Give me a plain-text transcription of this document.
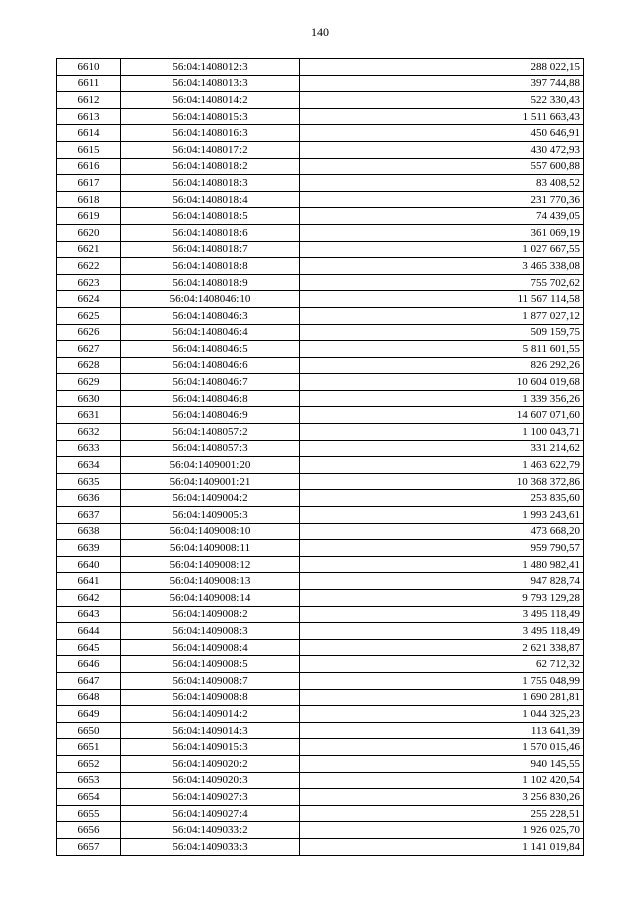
140
6610	56:04:1408012:3	288 022,15
6611	56:04:1408013:3	397 744,88
6612	56:04:1408014:2	522 330,43
6613	56:04:1408015:3	1 511 663,43
6614	56:04:1408016:3	450 646,91
6615	56:04:1408017:2	430 472,93
6616	56:04:1408018:2	557 600,88
6617	56:04:1408018:3	83 408,52
6618	56:04:1408018:4	231 770,36
6619	56:04:1408018:5	74 439,05
6620	56:04:1408018:6	361 069,19
6621	56:04:1408018:7	1 027 667,55
6622	56:04:1408018:8	3 465 338,08
6623	56:04:1408018:9	755 702,62
6624	56:04:1408046:10	11 567 114,58
6625	56:04:1408046:3	1 877 027,12
6626	56:04:1408046:4	509 159,75
6627	56:04:1408046:5	5 811 601,55
6628	56:04:1408046:6	826 292,26
6629	56:04:1408046:7	10 604 019,68
6630	56:04:1408046:8	1 339 356,26
6631	56:04:1408046:9	14 607 071,60
6632	56:04:1408057:2	1 100 043,71
6633	56:04:1408057:3	331 214,62
6634	56:04:1409001:20	1 463 622,79
6635	56:04:1409001:21	10 368 372,86
6636	56:04:1409004:2	253 835,60
6637	56:04:1409005:3	1 993 243,61
6638	56:04:1409008:10	473 668,20
6639	56:04:1409008:11	959 790,57
6640	56:04:1409008:12	1 480 982,41
6641	56:04:1409008:13	947 828,74
6642	56:04:1409008:14	9 793 129,28
6643	56:04:1409008:2	3 495 118,49
6644	56:04:1409008:3	3 495 118,49
6645	56:04:1409008:4	2 621 338,87
6646	56:04:1409008:5	62 712,32
6647	56:04:1409008:7	1 755 048,99
6648	56:04:1409008:8	1 690 281,81
6649	56:04:1409014:2	1 044 325,23
6650	56:04:1409014:3	113 641,39
6651	56:04:1409015:3	1 570 015,46
6652	56:04:1409020:2	940 145,55
6653	56:04:1409020:3	1 102 420,54
6654	56:04:1409027:3	3 256 830,26
6655	56:04:1409027:4	255 228,51
6656	56:04:1409033:2	1 926 025,70
6657	56:04:1409033:3	1 141 019,84
